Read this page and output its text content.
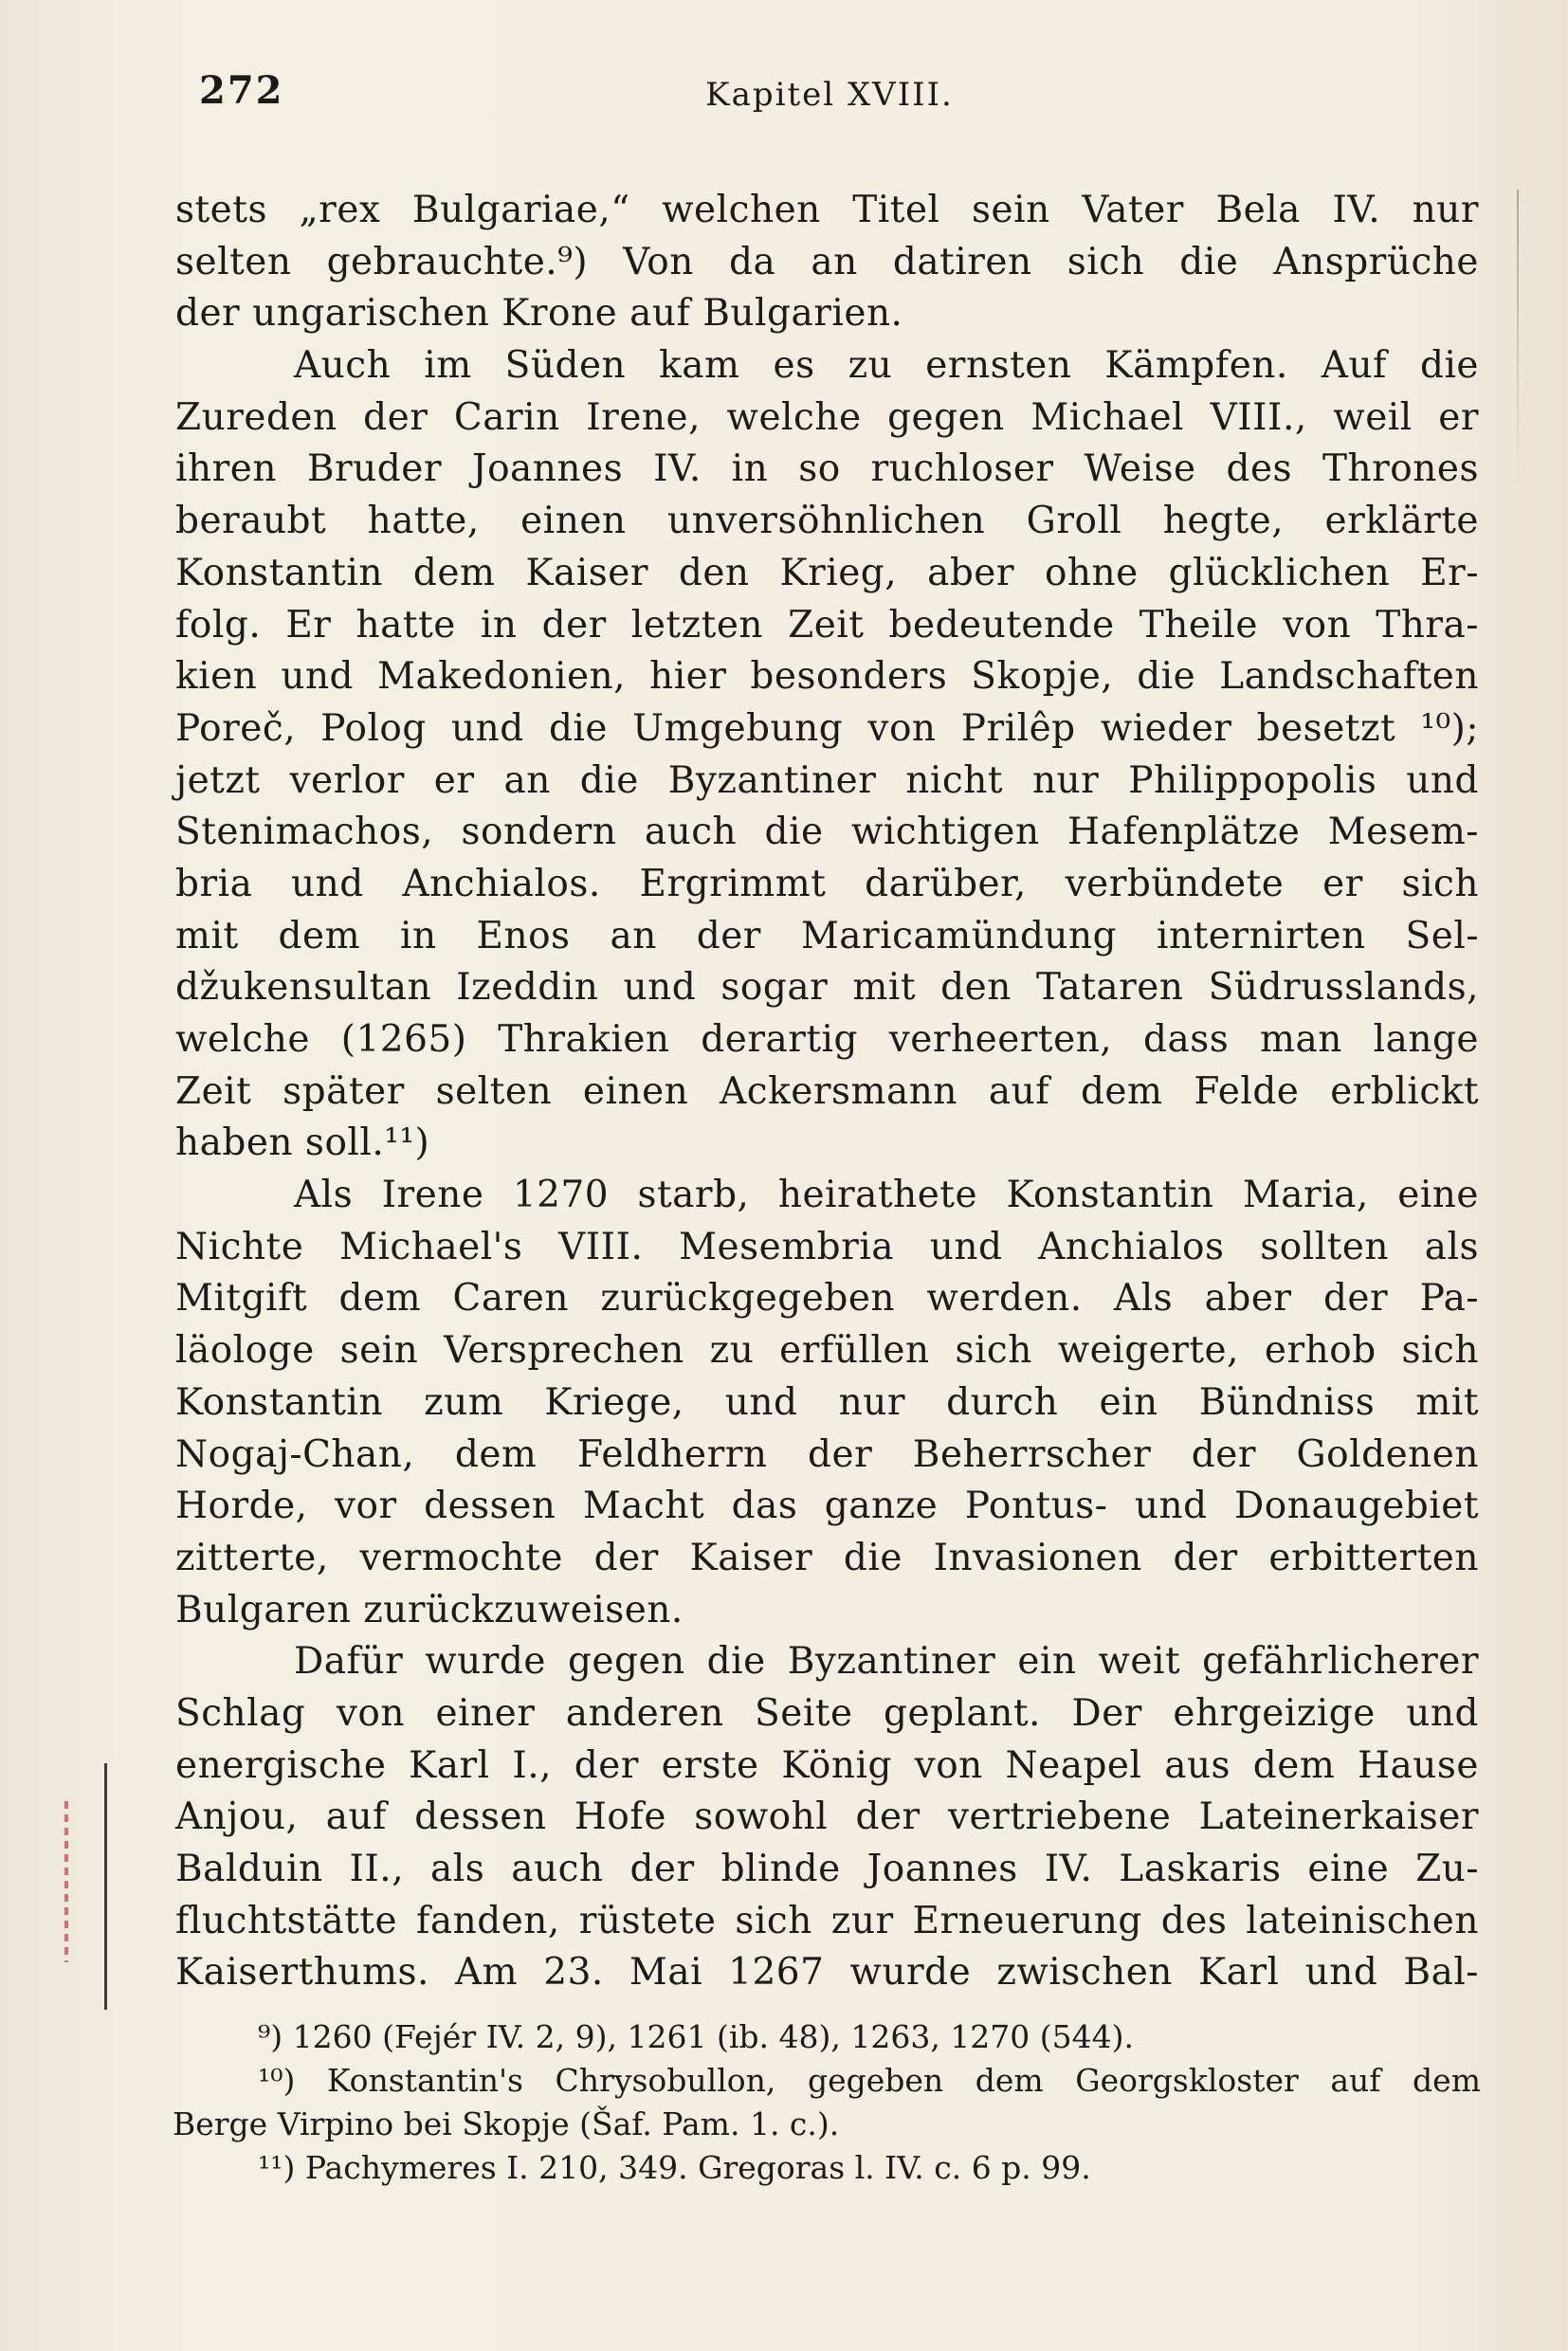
272	Kapitel XVIII.
stets „rex Bulgariae,“ welchen Titel sein Vater Bela IV. nur
selten gebrauchte.⁹) Von da an datiren sich die Ansprüche
der ungarischen Krone auf Bulgarien.
Auch im Süden kam es zu ernsten Kämpfen. Auf die
Zureden der Carin Irene, welche gegen Michael VIII., weil er
ihren Bruder Joannes IV. in so ruchloser Weise des Thrones
beraubt hatte, einen unversöhnlichen Groll hegte, erklärte
Konstantin dem Kaiser den Krieg, aber ohne glücklichen Er-
folg. Er hatte in der letzten Zeit bedeutende Theile von Thra-
kien und Makedonien, hier besonders Skopje, die Landschaften
Poreč, Polog und die Umgebung von Prilêp wieder besetzt ¹⁰);
jetzt verlor er an die Byzantiner nicht nur Philippopolis und
Stenimachos, sondern auch die wichtigen Hafenplätze Mesem-
bria und Anchialos. Ergrimmt darüber, verbündete er sich
mit dem in Enos an der Maricamündung internirten Sel-
džukensultan Izeddin und sogar mit den Tataren Südrusslands,
welche (1265) Thrakien derartig verheerten, dass man lange
Zeit später selten einen Ackersmann auf dem Felde erblickt
haben soll.¹¹)
Als Irene 1270 starb, heirathete Konstantin Maria, eine
Nichte Michael's VIII. Mesembria und Anchialos sollten als
Mitgift dem Caren zurückgegeben werden. Als aber der Pa-
läologe sein Versprechen zu erfüllen sich weigerte, erhob sich
Konstantin zum Kriege, und nur durch ein Bündniss mit
Nogaj-Chan, dem Feldherrn der Beherrscher der Goldenen
Horde, vor dessen Macht das ganze Pontus- und Donaugebiet
zitterte, vermochte der Kaiser die Invasionen der erbitterten
Bulgaren zurückzuweisen.
Dafür wurde gegen die Byzantiner ein weit gefährlicherer
Schlag von einer anderen Seite geplant. Der ehrgeizige und
energische Karl I., der erste König von Neapel aus dem Hause
Anjou, auf dessen Hofe sowohl der vertriebene Lateinerkaiser
Balduin II., als auch der blinde Joannes IV. Laskaris eine Zu-
fluchtstätte fanden, rüstete sich zur Erneuerung des lateinischen
Kaiserthums. Am 23. Mai 1267 wurde zwischen Karl und Bal-
⁹) 1260 (Fejér IV. 2, 9), 1261 (ib. 48), 1263, 1270 (544).
¹⁰) Konstantin's Chrysobullon, gegeben dem Georgskloster auf dem
Berge Virpino bei Skopje (Šaf. Pam. 1. c.).
¹¹) Pachymeres I. 210, 349. Gregoras l. IV. c. 6 p. 99.
